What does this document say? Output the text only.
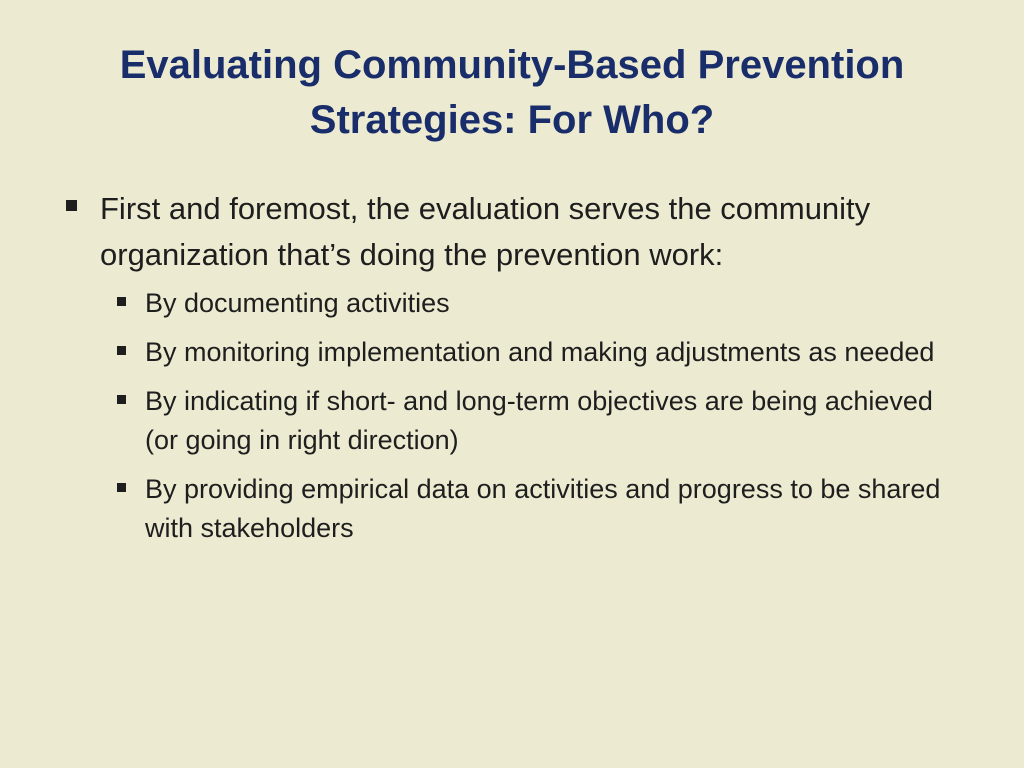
Evaluating Community-Based Prevention Strategies: For Who?
First and foremost, the evaluation serves the community organization that’s doing the prevention work:
By documenting activities
By monitoring implementation and making adjustments as needed
By indicating if short- and long-term objectives are being achieved (or going in right direction)
By providing empirical data on activities and progress to be shared with stakeholders
